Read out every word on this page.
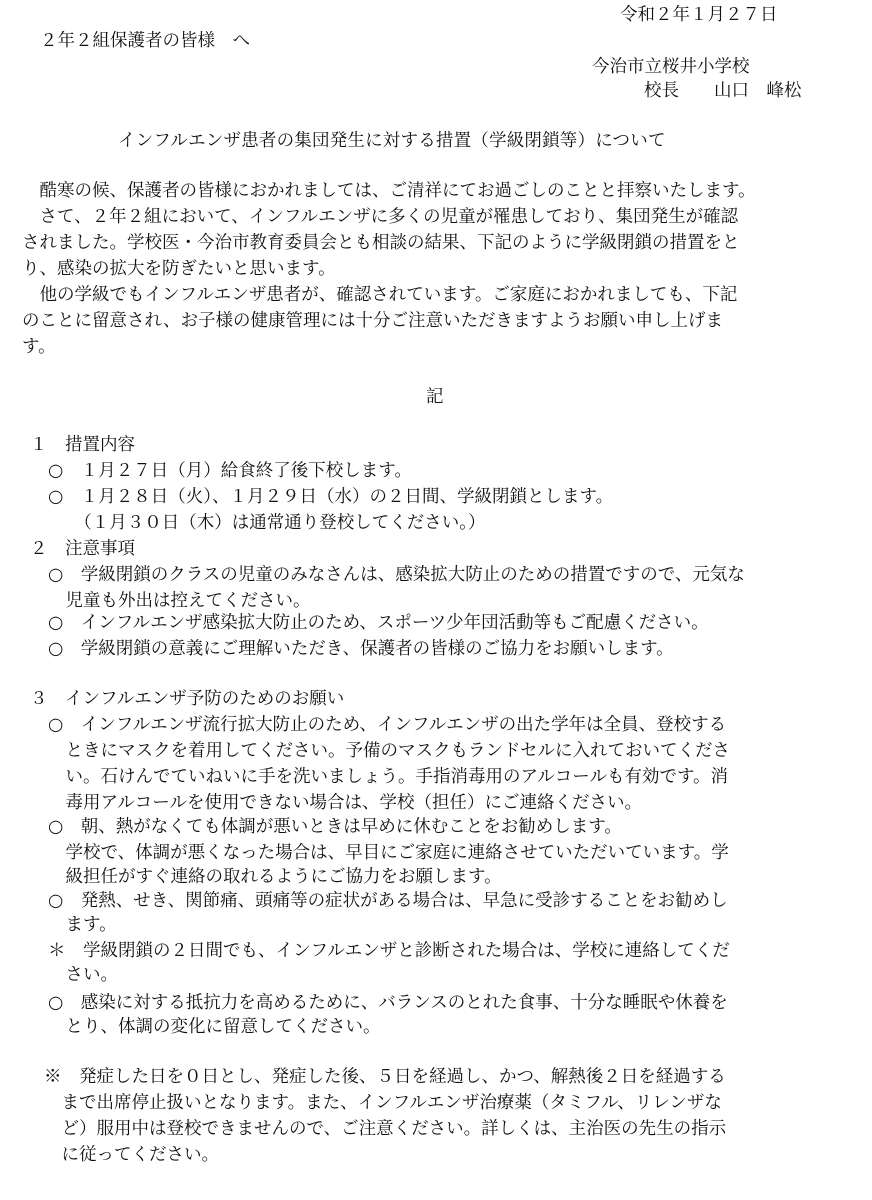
令和２年１月２７日
２年２組保護者の皆様　へ
今治市立桜井小学校
校長　　山口　峰松
インフルエンザ患者の集団発生に対する措置（学級閉鎖等）について
　酷寒の候、保護者の皆様におかれましては、ご清祥にてお過ごしのことと拝察いたします。
　さて、２年２組において、インフルエンザに多くの児童が罹患しており、集団発生が確認
されました。学校医・今治市教育委員会とも相談の結果、下記のように学級閉鎖の措置をと
り、感染の拡大を防ぎたいと思います。
　他の学級でもインフルエンザ患者が、確認されています。ご家庭におかれましても、下記
のことに留意され、お子様の健康管理には十分ご注意いただきますようお願い申し上げま
す。
記
１　措置内容
○　１月２７日（月）給食終了後下校します。
○　１月２８日（火）、１月２９日（水）の２日間、学級閉鎖とします。
　　（１月３０日（木）は通常通り登校してください。）
２　注意事項
○　学級閉鎖のクラスの児童のみなさんは、感染拡大防止のための措置ですので、元気な
　児童も外出は控えてください。
○　インフルエンザ感染拡大防止のため、スポーツ少年団活動等もご配慮ください。
○　学級閉鎖の意義にご理解いただき、保護者の皆様のご協力をお願いします。
３　インフルエンザ予防のためのお願い
○　インフルエンザ流行拡大防止のため、インフルエンザの出た学年は全員、登校する
　ときにマスクを着用してください。予備のマスクもランドセルに入れておいてくださ
　い。石けんでていねいに手を洗いましょう。手指消毒用のアルコールも有効です。消
　毒用アルコールを使用できない場合は、学校（担任）にご連絡ください。
○　朝、熱がなくても体調が悪いときは早めに休むことをお勧めします。
　学校で、体調が悪くなった場合は、早目にご家庭に連絡させていただいています。学
　級担任がすぐ連絡の取れるようにご協力をお願します。
○　発熱、せき、関節痛、頭痛等の症状がある場合は、早急に受診することをお勧めし
　ます。
＊　学級閉鎖の２日間でも、インフルエンザと診断された場合は、学校に連絡してくだ
　さい。
○　感染に対する抵抗力を高めるために、バランスのとれた食事、十分な睡眠や休養を
　とり、体調の変化に留意してください。
※　発症した日を０日とし、発症した後、５日を経過し、かつ、解熱後２日を経過する
　まで出席停止扱いとなります。また、インフルエンザ治療薬（タミフル、リレンザな
　ど）服用中は登校できませんので、ご注意ください。詳しくは、主治医の先生の指示
　に従ってください。
